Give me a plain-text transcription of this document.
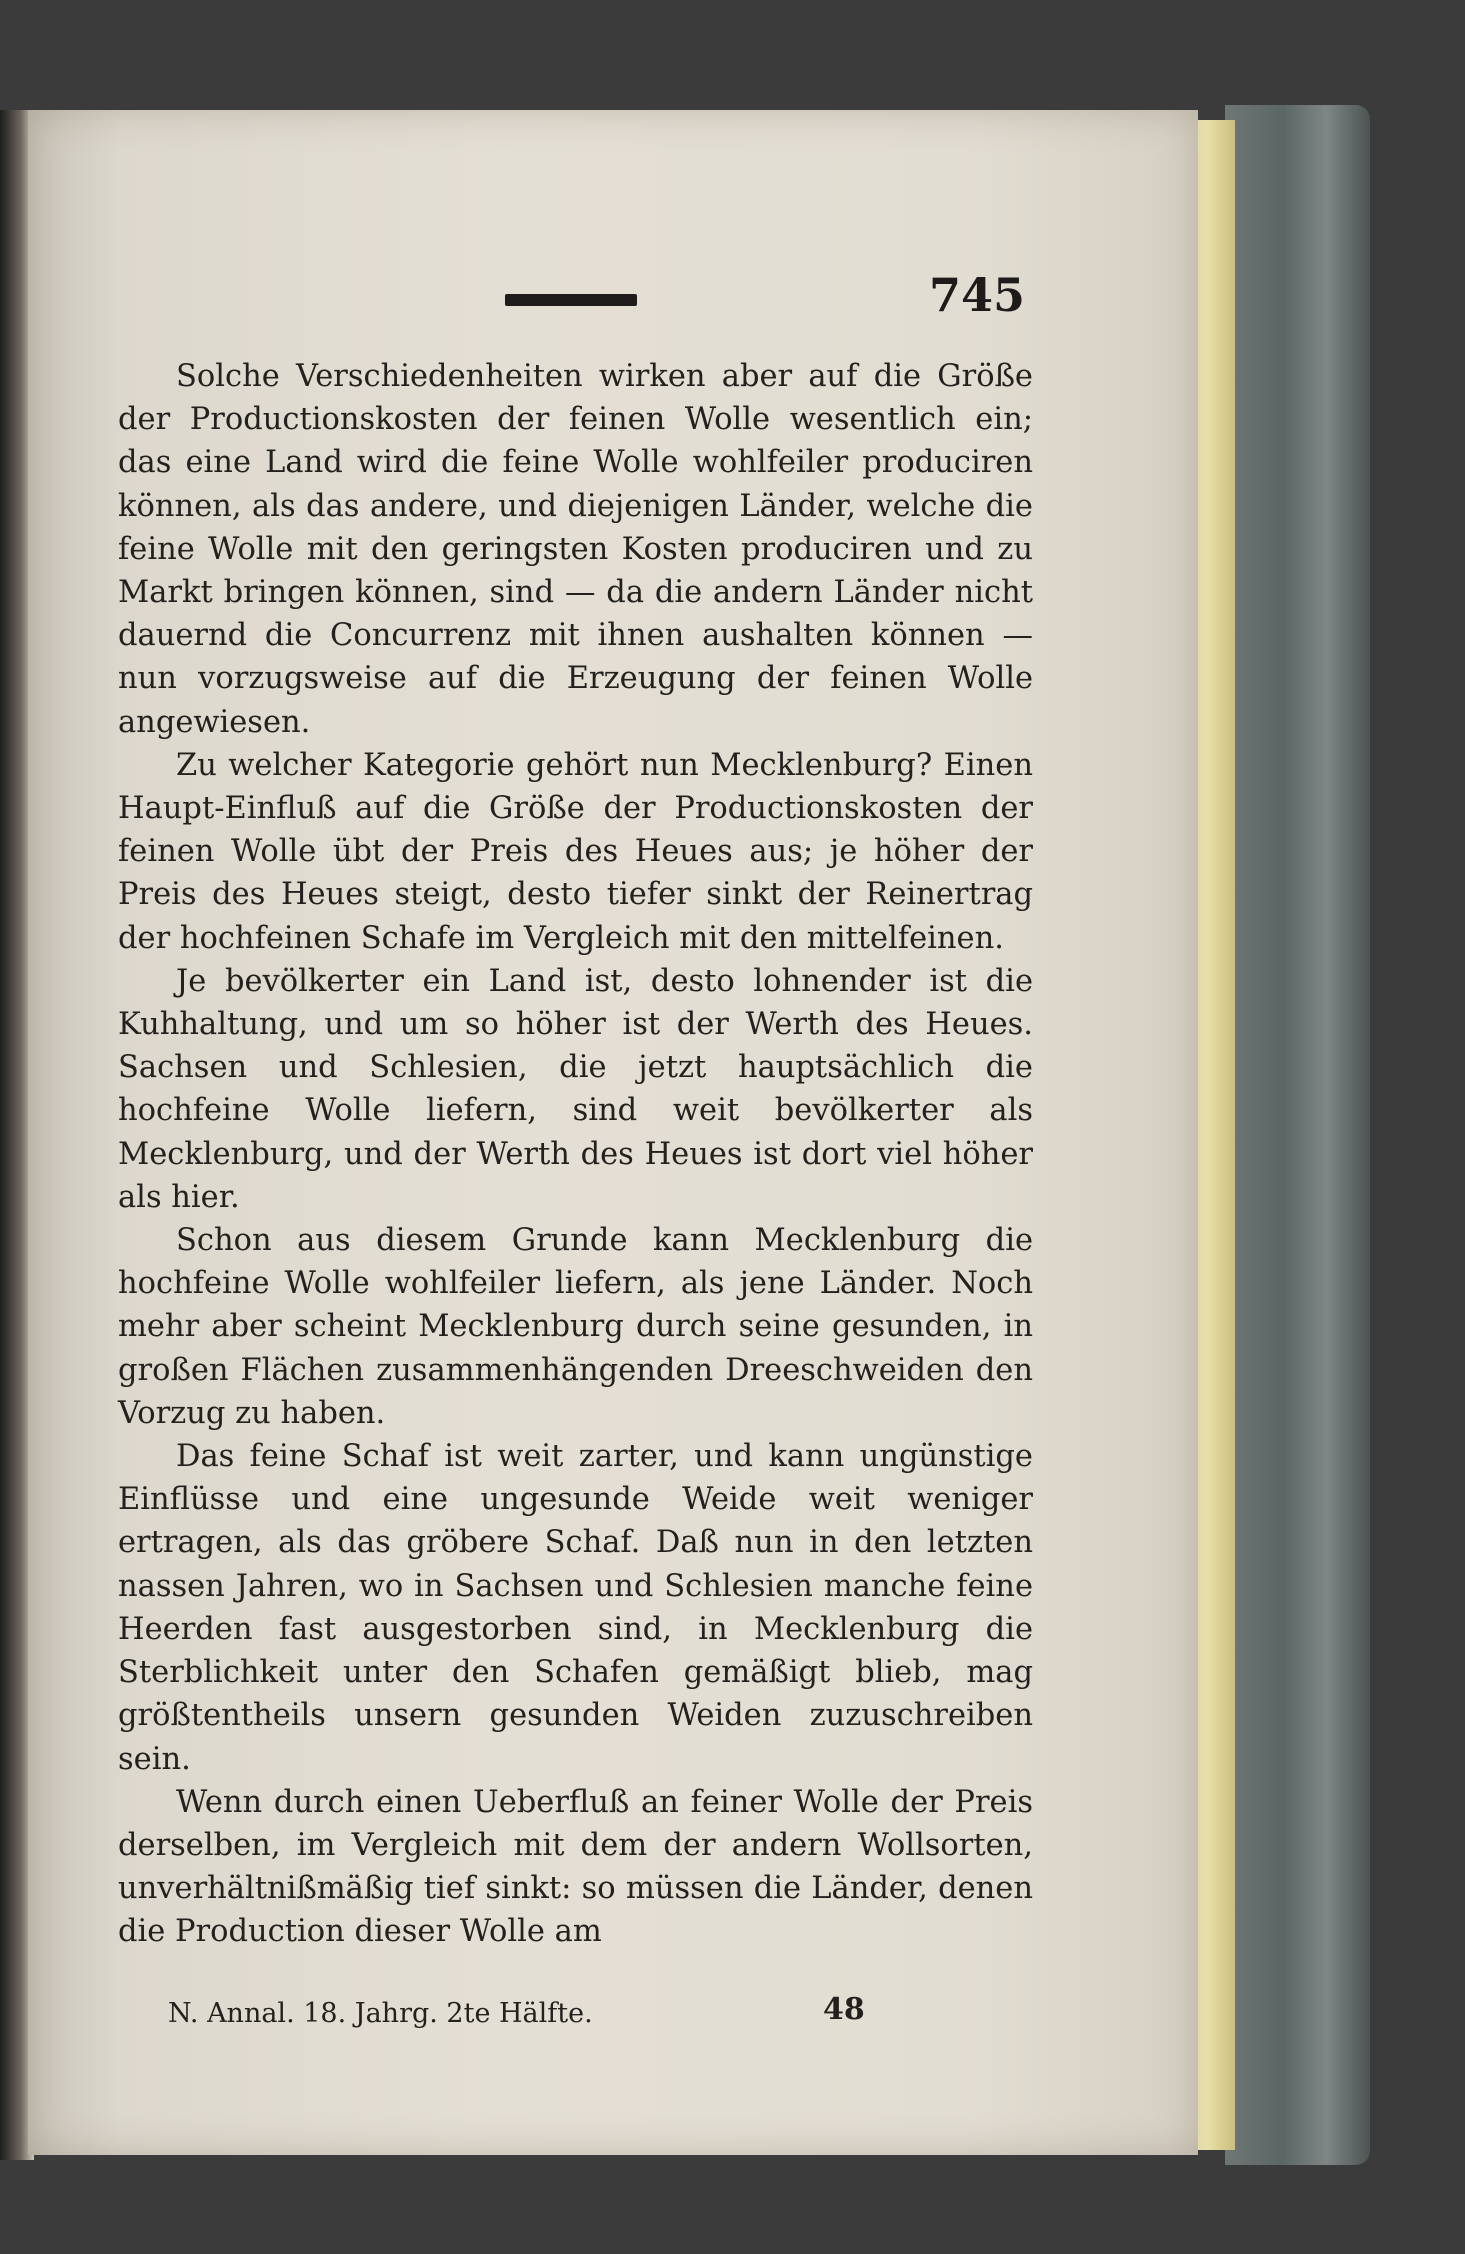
745

Solche Verschiedenheiten wirken aber auf die Größe der Productionskosten der feinen Wolle wesentlich ein; das eine Land wird die feine Wolle wohlfeiler produciren können, als das andere, und diejenigen Länder, welche die feine Wolle mit den geringsten Kosten produciren und zu Markt bringen können, sind — da die andern Länder nicht dauernd die Concurrenz mit ihnen aushalten können — nun vorzugsweise auf die Erzeugung der feinen Wolle angewiesen.

Zu welcher Kategorie gehört nun Mecklenburg? Einen Haupt-Einfluß auf die Größe der Productionskosten der feinen Wolle übt der Preis des Heues aus; je höher der Preis des Heues steigt, desto tiefer sinkt der Reinertrag der hochfeinen Schafe im Vergleich mit den mittelfeinen.

Je bevölkerter ein Land ist, desto lohnender ist die Kuhhaltung, und um so höher ist der Werth des Heues. Sachsen und Schlesien, die jetzt hauptsächlich die hochfeine Wolle liefern, sind weit bevölkerter als Mecklenburg, und der Werth des Heues ist dort viel höher als hier.

Schon aus diesem Grunde kann Mecklenburg die hochfeine Wolle wohlfeiler liefern, als jene Länder. Noch mehr aber scheint Mecklenburg durch seine gesunden, in großen Flächen zusammenhängenden Dreeschweiden den Vorzug zu haben.

Das feine Schaf ist weit zarter, und kann ungünstige Einflüsse und eine ungesunde Weide weit weniger ertragen, als das gröbere Schaf. Daß nun in den letzten nassen Jahren, wo in Sachsen und Schlesien manche feine Heerden fast ausgestorben sind, in Mecklenburg die Sterblichkeit unter den Schafen gemäßigt blieb, mag größtentheils unsern gesunden Weiden zuzuschreiben sein.

Wenn durch einen Ueberfluß an feiner Wolle der Preis derselben, im Vergleich mit dem der andern Wollsorten, unverhältnißmäßig tief sinkt: so müssen die Länder, denen die Production dieser Wolle am

N. Annal. 18. Jahrg. 2te Hälfte.	48
